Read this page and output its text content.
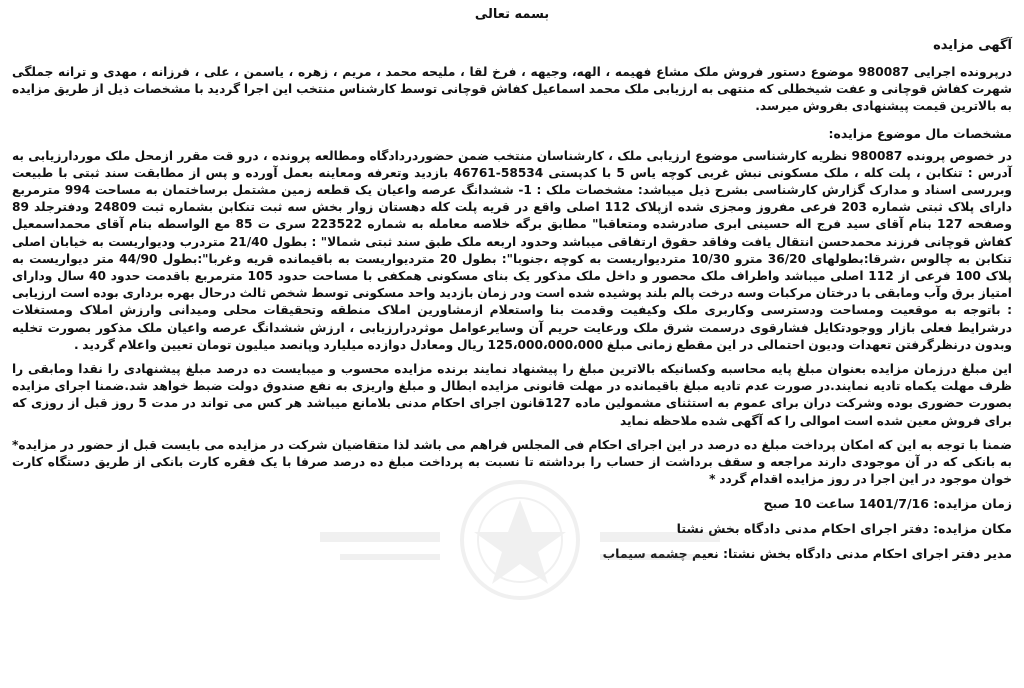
بسمه تعالی
آگهی مزایده

درپرونده اجرایی 980087 موضوع دستور فروش ملک مشاع فهیمه ، الهه، وجیهه ، فرخ لقا ، ملیحه محمد ، مریم ، زهره ، یاسمن ، علی ، فرزانه ، مهدی و ترانه جملگی شهرت کفاش قوچانی و عفت شیخطلی که منتهی به ارزیابی ملک محمد اسماعیل کفاش قوچانی توسط کارشناس منتخب این اجرا گردید با مشخصات ذیل از طریق مزایده به بالاترین قیمت پیشنهادی بفروش میرسد.

مشخصات مال موضوع مزایده:

در خصوص پرونده 980087 نظریه کارشناسی موضوع ارزیابی ملک ، کارشناسان منتخب ضمن حضوردردادگاه ومطالعه پرونده ، درو قت مقرر ازمحل ملک موردارزیابی به آدرس : تنکابن ، پلت کله ، ملک مسکونی نبش غربی کوچه یاس 5 با کدپستی 58534-46761 بازدید وتعرفه ومعاینه بعمل آورده و پس از مطابقت سند ثبتی با طبیعت وبررسی اسناد و مدارک گزارش کارشناسی بشرح ذیل میباشد: مشخصات ملک : 1- ششدانگ عرصه واعیان یک قطعه زمین مشتمل برساختمان به مساحت 994 مترمربع دارای پلاک ثبتی شماره 203 فرعی مفروز ومجزی شده ازپلاک 112 اصلی واقع در قریه پلت کله دهستان زوار بخش سه ثبت تنکابن بشماره ثبت 24809 ودفترجلد 89 وصفحه 127 بنام آقای سید فرج اله حسینی ابری صادرشده ومتعاقبا" مطابق برگه خلاصه معامله به شماره 223522 سری ت 85 مع الواسطه بنام آقای محمداسمعیل کفاش قوچانی فرزند محمدحسن انتقال یافت وفاقد حقوق ارتفاقی میباشد وحدود اربعه ملک طبق سند ثبتی شمالا" : بطول 21/40 متردرب ودیواریست به خیابان اصلی تنکابن به چالوس ،شرقا:بطولهای 36/20 مترو 10/30 متردیواریست به کوچه ،جنوبا": بطول 20 متردیواریست به باقیمانده قریه وغربا":بطول 44/90 متر دیواریست به پلاک 100 فرعی از 112 اصلی میباشد واطراف ملک محصور و داخل ملک مذکور یک بنای مسکونی همکفی با مساحت حدود 105 مترمربع باقدمت حدود 40 سال ودارای امتیاز برق وآب ومابقی با درختان مرکبات وسه درخت پالم بلند پوشیده شده است ودر زمان بازدید واحد مسکونی توسط شخص ثالث درحال بهره برداری بوده است ارزیابی : باتوجه به موقعیت ومساحت ودسترسی وکاربری ملک وکیفیت وقدمت بنا واستعلام ازمشاورین املاک منطقه وتحقیقات محلی ومیدانی وارزش املاک ومستغلات درشرایط فعلی بازار ووجودتکایل فشارقوی درسمت شرق ملک ورعایت حریم آن وسایرعوامل موثردرارزیابی ، ارزش ششدانگ عرصه واعیان ملک مذکور بصورت تخلیه وبدون درنظرگرفتن تعهدات ودیون احتمالی در این مقطع زمانی مبلغ 125،000،000،000 ریال ومعادل دوازده میلیارد وپانصد میلیون تومان تعیین واعلام گردید .

این مبلغ درزمان مزایده بعنوان مبلغ پایه محاسبه وکسانیکه بالاترین مبلغ را پیشنهاد نمایند برنده مزایده محسوب و میبایست ده درصد مبلغ پیشنهادی را نقدا ومابقی را ظرف مهلت یکماه تادیه نمایند.در صورت عدم تادیه مبلغ باقیمانده در مهلت قانونی مزایده ابطال و مبلغ واریزی به نفع صندوق دولت ضبط خواهد شد.ضمنا اجرای مزایده بصورت حضوری بوده وشرکت دران برای عموم به استثنای مشمولین ماده 127قانون اجرای احکام مدنی بلامانع میباشد هر کس می تواند در مدت 5 روز قبل از روزی که برای فروش معین شده است اموالی را که آگهی شده ملاحظه نماید

ضمنا با توجه به این که امکان پرداخت مبلغ ده درصد در این اجرای احکام فی المجلس فراهم می باشد لذا متقاضیان شرکت در مزایده می بایست قبل از حضور در مزایده* به بانکی که در آن موجودی دارند مراجعه و سقف برداشت از حساب را برداشته تا نسبت به پرداخت مبلغ ده درصد صرفا با یک فقره کارت بانکی از طریق دستگاه کارت خوان موجود در این اجرا در روز مزایده اقدام گردد *

زمان مزایده: 1401/7/16 ساعت 10 صبح
مکان مزایده: دفتر اجرای احکام مدنی دادگاه بخش نشتا
مدیر دفتر اجرای احکام مدنی دادگاه بخش نشتا: نعیم چشمه سیماب
